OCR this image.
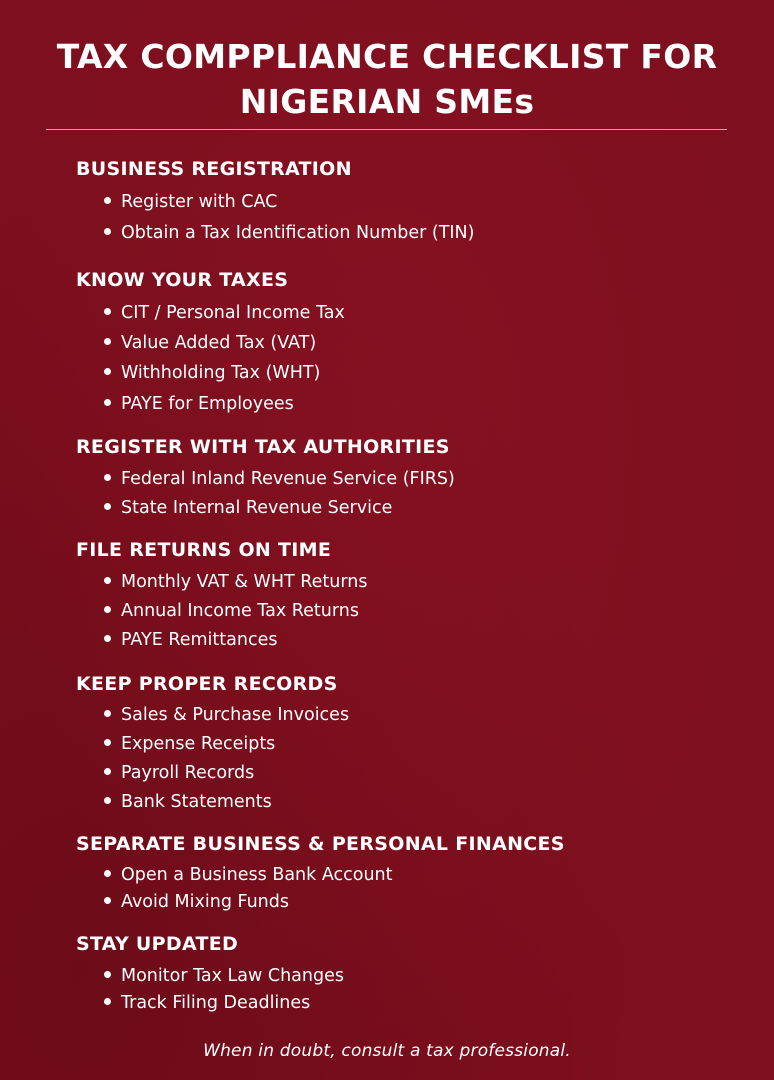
TAX COMPPLIANCE CHECKLIST FOR
NIGERIAN SMEs
BUSINESS REGISTRATION
Register with CAC
Obtain a Tax Identification Number (TIN)
KNOW YOUR TAXES
CIT / Personal Income Tax
Value Added Tax (VAT)
Withholding Tax (WHT)
PAYE for Employees
REGISTER WITH TAX AUTHORITIES
Federal Inland Revenue Service (FIRS)
State Internal Revenue Service
FILE RETURNS ON TIME
Monthly VAT & WHT Returns
Annual Income Tax Returns
PAYE Remittances
KEEP PROPER RECORDS
Sales & Purchase Invoices
Expense Receipts
Payroll Records
Bank Statements
SEPARATE BUSINESS & PERSONAL FINANCES
Open a Business Bank Account
Avoid Mixing Funds
STAY UPDATED
Monitor Tax Law Changes
Track Filing Deadlines
When in doubt, consult a tax professional.
